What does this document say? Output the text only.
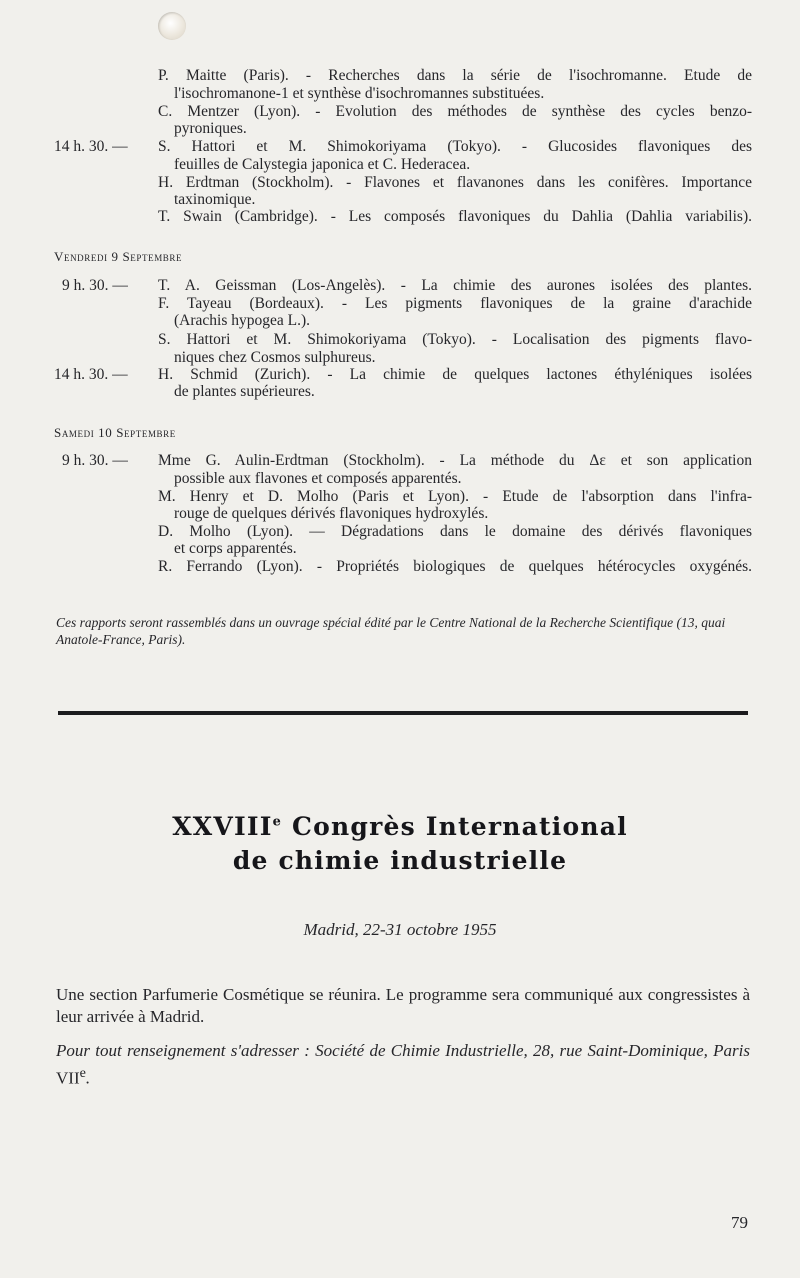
P. Maitte (Paris). - Recherches dans la série de l'isochromanne. Etude de
l'isochromanone-1 et synthèse d'isochromannes substituées.
C. Mentzer (Lyon). - Evolution des méthodes de synthèse des cycles benzo-
pyroniques.
14 h. 30. — S. Hattori et M. Shimokoriyama (Tokyo). - Glucosides flavoniques des
feuilles de Calystegia japonica et C. Hederacea.
H. Erdtman (Stockholm). - Flavones et flavanones dans les conifères. Importance
taxinomique.
T. Swain (Cambridge). - Les composés flavoniques du Dahlia (Dahlia variabilis).
9 h. 30. — T. A. Geissman (Los-Angelès). - La chimie des aurones isolées des plantes.
F. Tayeau (Bordeaux). - Les pigments flavoniques de la graine d'arachide
(Arachis hypogea L.).
S. Hattori et M. Shimokoriyama (Tokyo). - Localisation des pigments flavo-
niques chez Cosmos sulphureus.
14 h. 30. — H. Schmid (Zurich). - La chimie de quelques lactones éthyléniques isolées
de plantes supérieures.
9 h. 30. — Mme G. Aulin-Erdtman (Stockholm). - La méthode du Δε et son application
possible aux flavones et composés apparentés.
M. Henry et D. Molho (Paris et Lyon). - Etude de l'absorption dans l'infra-
rouge de quelques dérivés flavoniques hydroxylés.
D. Molho (Lyon). — Dégradations dans le domaine des dérivés flavoniques
et corps apparentés.
R. Ferrando (Lyon). - Propriétés biologiques de quelques hétérocycles oxygénés.
Vendredi 9 Septembre
Samedi 10 Septembre
Ces rapports seront rassemblés dans un ouvrage spécial édité par le Centre National de la Recherche Scientifique (13, quai Anatole-France, Paris).
XXVIIIe Congrès International
de chimie industrielle
Madrid, 22-31 octobre 1955
Une section Parfumerie Cosmétique se réunira. Le programme sera communiqué aux congressistes à leur arrivée à Madrid.
Pour tout renseignement s'adresser : Société de Chimie Industrielle, 28, rue Saint-Dominique, Paris VIIe.
79
